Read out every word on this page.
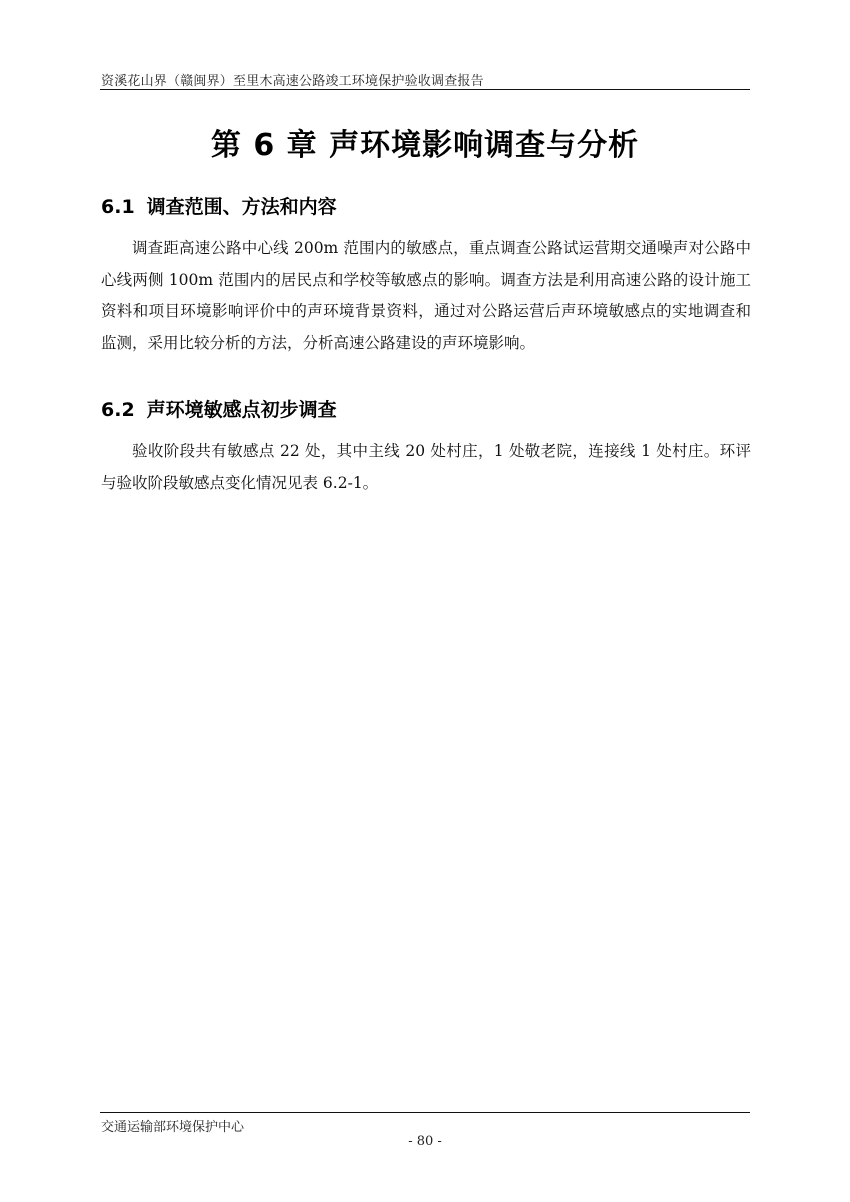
资溪花山界（赣闽界）至里木高速公路竣工环境保护验收调查报告
第 6 章 声环境影响调查与分析
6.1 调查范围、方法和内容
调查距高速公路中心线 200m 范围内的敏感点，重点调查公路试运营期交通噪声对公路中心线两侧 100m 范围内的居民点和学校等敏感点的影响。调查方法是利用高速公路的设计施工资料和项目环境影响评价中的声环境背景资料，通过对公路运营后声环境敏感点的实地调查和监测，采用比较分析的方法，分析高速公路建设的声环境影响。
6.2 声环境敏感点初步调查
验收阶段共有敏感点 22 处，其中主线 20 处村庄，1 处敬老院，连接线 1 处村庄。环评与验收阶段敏感点变化情况见表 6.2-1。
交通运输部环境保护中心
- 80 -
